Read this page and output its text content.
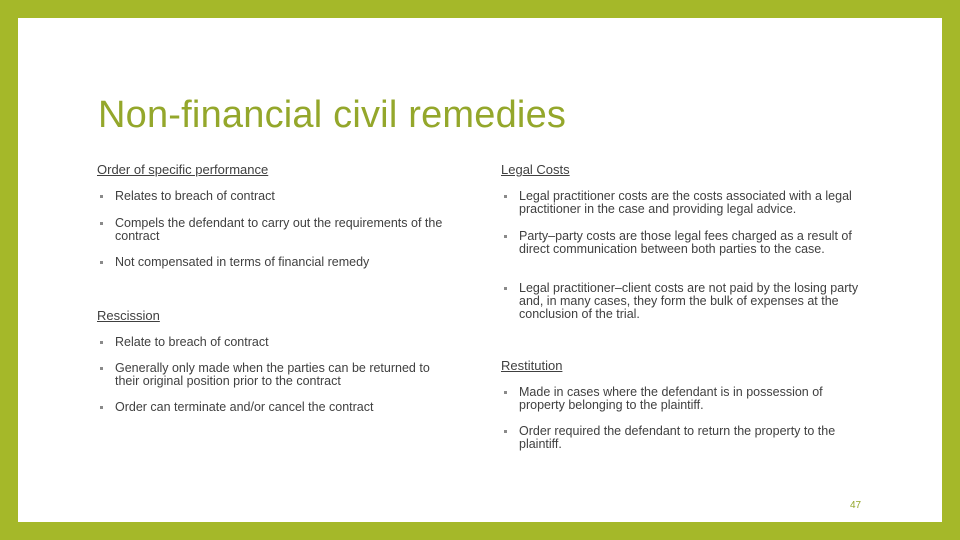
Non-financial civil remedies
Order of specific performance
Relates to breach of contract
Compels the defendant to carry out the requirements of the contract
Not compensated in terms of financial remedy
Rescission
Relate to breach of contract
Generally only made when the parties can be returned to their original position prior to the contract
Order can terminate and/or cancel the contract
Legal Costs
Legal practitioner costs are the costs associated with a legal practitioner in the case and providing legal advice.
Party–party costs are those legal fees charged as a result of direct communication between both parties to the case.
Legal practitioner–client costs are not paid by the losing party and, in many cases, they form the bulk of expenses at the conclusion of the trial.
Restitution
Made in cases where the defendant is in possession of property belonging to the plaintiff.
Order required the defendant to return the property to the plaintiff.
47
